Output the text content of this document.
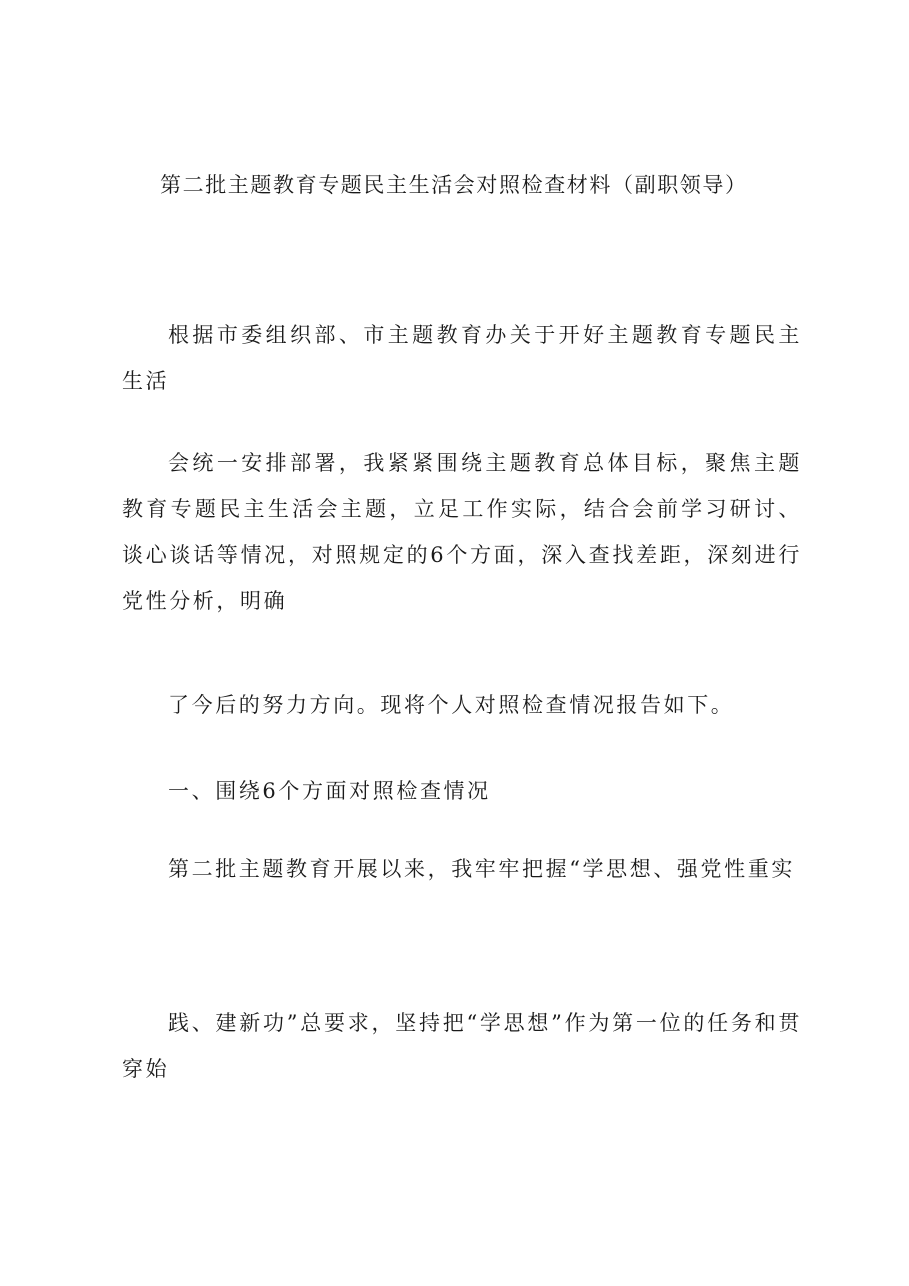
第二批主题教育专题民主生活会对照检查材料（副职领导）

根据市委组织部、市主题教育办关于开好主题教育专题民主生活

会统一安排部署，我紧紧围绕主题教育总体目标，聚焦主题教育专题民主生活会主题，立足工作实际，结合会前学习研讨、谈心谈话等情况，对照规定的6个方面，深入查找差距，深刻进行党性分析，明确

了今后的努力方向。现将个人对照检查情况报告如下。

一、围绕6个方面对照检查情况

第二批主题教育开展以来，我牢牢把握“学思想、强党性重实

践、建新功”总要求，坚持把“学思想”作为第一位的任务和贯穿始
